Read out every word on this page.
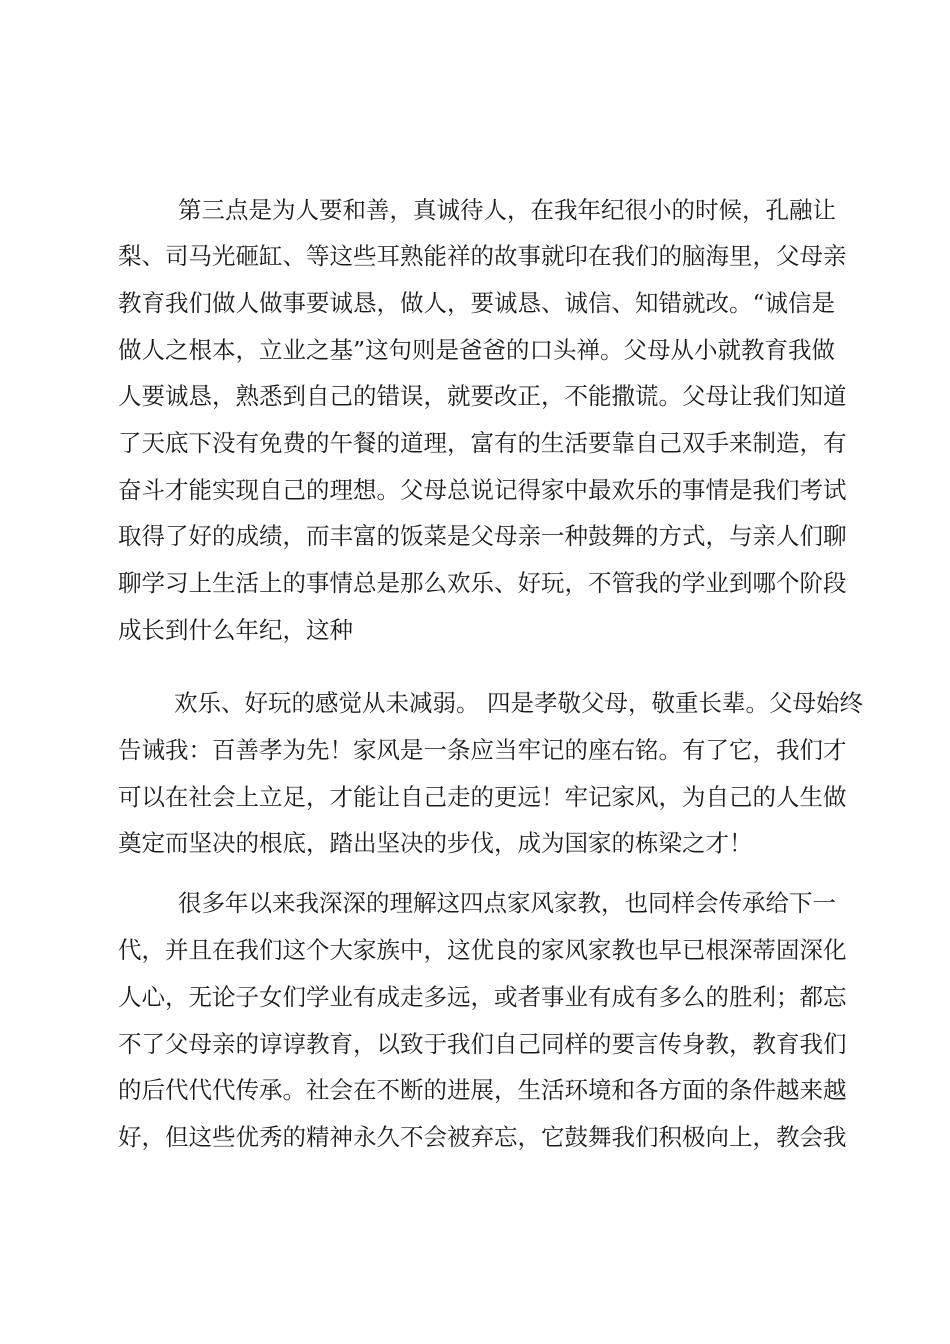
第三点是为人要和善，真诚待人，在我年纪很小的时候，孔融让
梨、司马光砸缸、等这些耳熟能祥的故事就印在我们的脑海里，父母亲
教育我们做人做事要诚恳，做人，要诚恳、诚信、知错就改。“诚信是
做人之根本，立业之基”这句则是爸爸的口头禅。父母从小就教育我做
人要诚恳，熟悉到自己的错误，就要改正，不能撒谎。父母让我们知道
了天底下没有免费的午餐的道理，富有的生活要靠自己双手来制造，有
奋斗才能实现自己的理想。父母总说记得家中最欢乐的事情是我们考试
取得了好的成绩，而丰富的饭菜是父母亲一种鼓舞的方式，与亲人们聊
聊学习上生活上的事情总是那么欢乐、好玩，不管我的学业到哪个阶段
成长到什么年纪，这种
欢乐、好玩的感觉从未减弱。 四是孝敬父母，敬重长辈。父母始终
告诫我：百善孝为先！家风是一条应当牢记的座右铭。有了它，我们才
可以在社会上立足，才能让自己走的更远！牢记家风，为自己的人生做
奠定而坚决的根底，踏出坚决的步伐，成为国家的栋梁之才！
很多年以来我深深的理解这四点家风家教，也同样会传承给下一
代，并且在我们这个大家族中，这优良的家风家教也早已根深蒂固深化
人心，无论子女们学业有成走多远，或者事业有成有多么的胜利；都忘
不了父母亲的谆谆教育，以致于我们自己同样的要言传身教，教育我们
的后代代代传承。社会在不断的进展，生活环境和各方面的条件越来越
好，但这些优秀的精神永久不会被弃忘，它鼓舞我们积极向上，教会我
